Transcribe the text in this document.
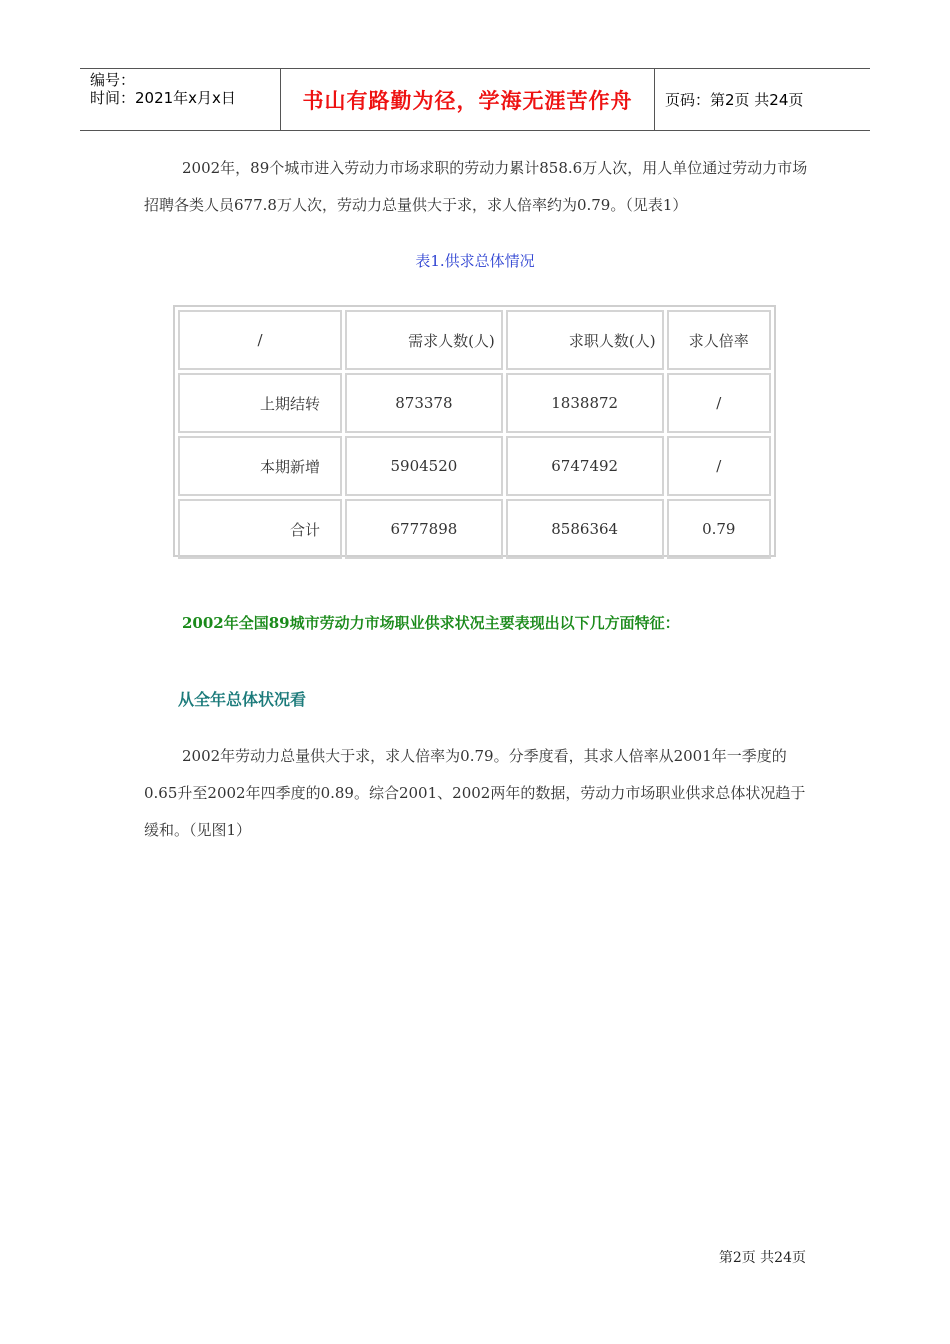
编号：
时间：2021年x月x日	书山有路勤为径，学海无涯苦作舟	页码：第2页 共24页
2002年，89个城市进入劳动力市场求职的劳动力累计858.6万人次，用人单位通过劳动力市场招聘各类人员677.8万人次，劳动力总量供大于求，求人倍率约为0.79。（见表1）
表1.供求总体情况
/	需求人数(人)	求职人数(人)	求人倍率
上期结转	873378	1838872	/
本期新增	5904520	6747492	/
合计	6777898	8586364	0.79
2002年全国89城市劳动力市场职业供求状况主要表现出以下几方面特征：
从全年总体状况看
2002年劳动力总量供大于求，求人倍率为0.79。分季度看，其求人倍率从2001年一季度的0.65升至2002年四季度的0.89。综合2001、2002两年的数据，劳动力市场职业供求总体状况趋于缓和。（见图1）
第2页 共24页
